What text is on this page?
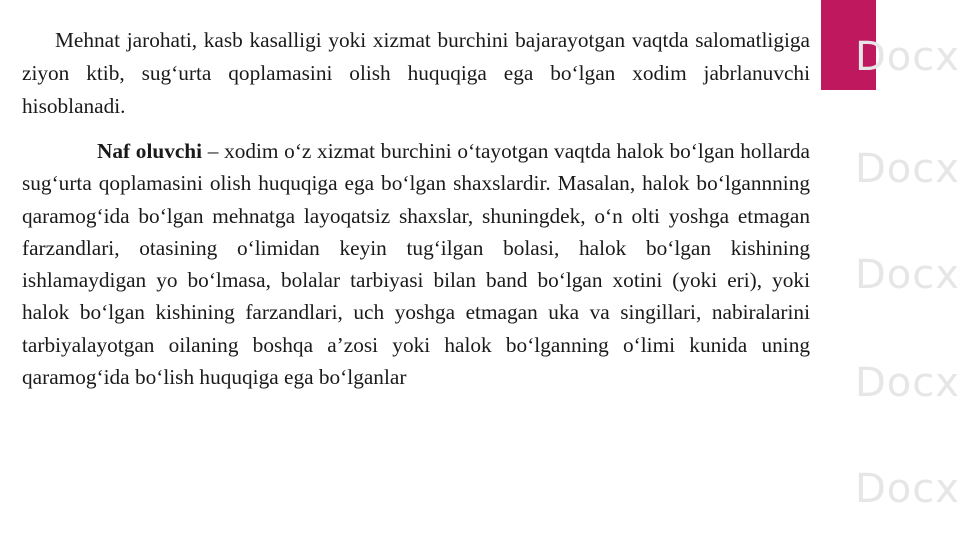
Docx
Docx
Docx
Docx
Docx

Mehnat jarohati, kasb kasalligi yoki xizmat burchini bajarayotgan vaqtda salomatligiga ziyon ktib, sug‘urta qoplamasini olish huquqiga ega bo‘lgan xodim jabrlanuvchi hisoblanadi.

Naf oluvchi – xodim o‘z xizmat burchini o‘tayotgan vaqtda halok bo‘lgan hollarda sug‘urta qoplamasini olish huquqiga ega bo‘lgan shaxslardir. Masalan, halok bo‘lgannning qaramog‘ida bo‘lgan mehnatga layoqatsiz shaxslar, shuningdek, o‘n olti yoshga etmagan farzandlari, otasining o‘limidan keyin tug‘ilgan bolasi, halok bo‘lgan kishining ishlamaydigan yo bo‘lmasa, bolalar tarbiyasi bilan band bo‘lgan xotini (yoki eri), yoki halok bo‘lgan kishining farzandlari, uch yoshga etmagan uka va singillari, nabiralarini tarbiyalayotgan oilaning boshqa a’zosi yoki halok bo‘lganning o‘limi kunida uning qaramog‘ida bo‘lish huquqiga ega bo‘lganlar
